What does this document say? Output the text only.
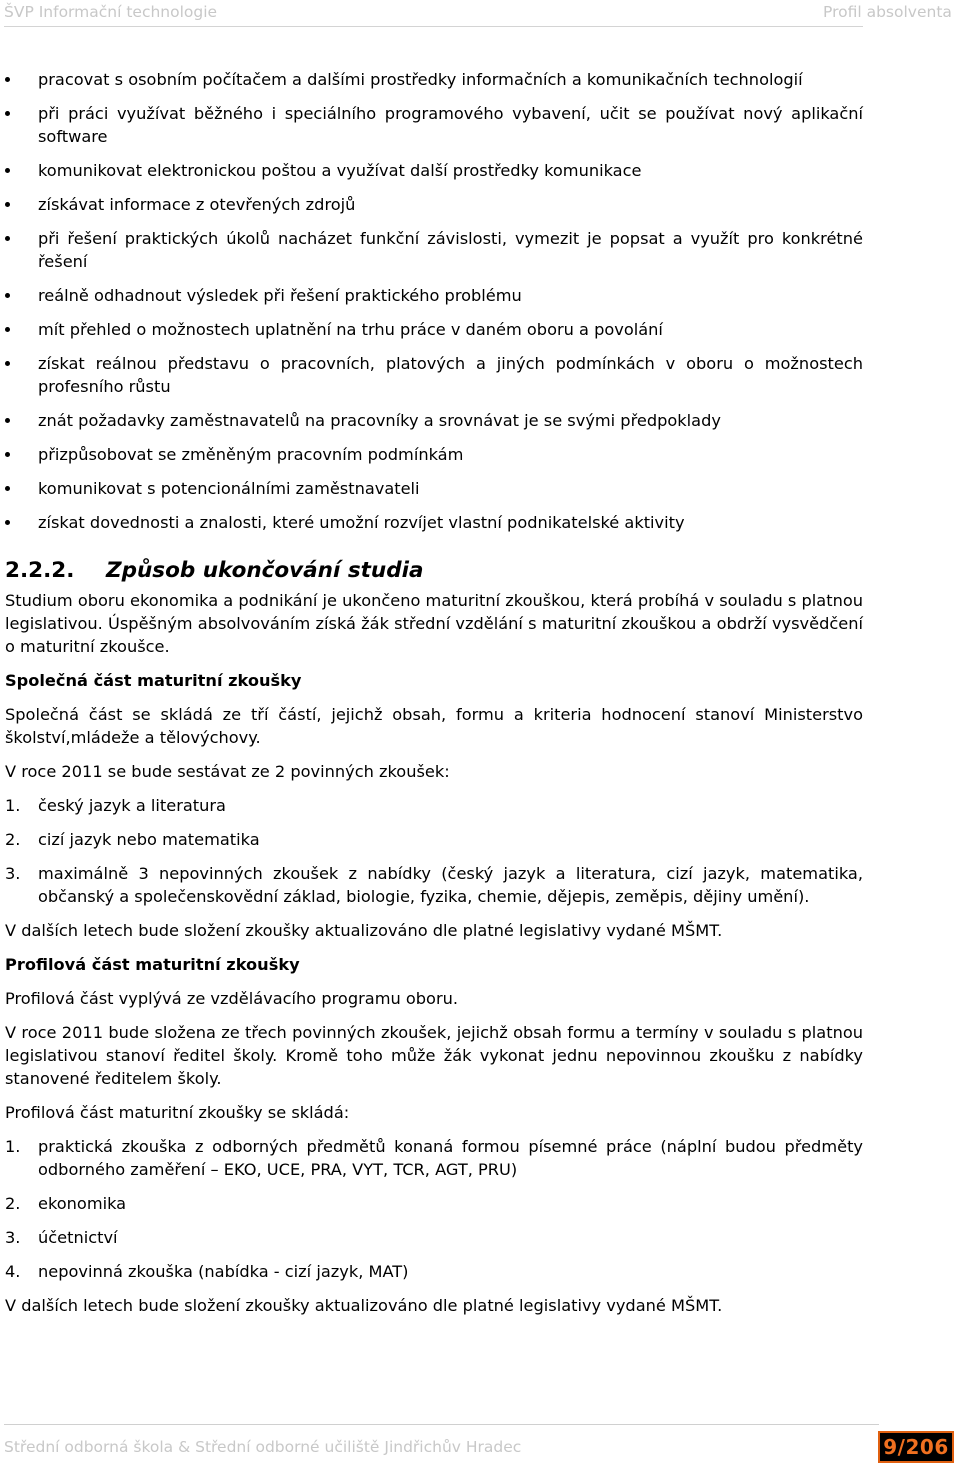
ŠVP Informační technologie	Profil absolventa
pracovat s osobním počítačem a dalšími prostředky informačních a komunikačních technologií
při práci využívat běžného i speciálního programového vybavení, učit se používat nový aplikační software
komunikovat elektronickou poštou a využívat další prostředky komunikace
získávat informace z otevřených zdrojů
při řešení praktických úkolů nacházet funkční závislosti, vymezit je popsat a využít pro konkrétné řešení
reálně odhadnout výsledek při řešení praktického problému
mít přehled o možnostech uplatnění na trhu práce v daném oboru a povolání
získat reálnou představu o pracovních, platových a jiných podmínkách v oboru o možnostech profesního růstu
znát požadavky zaměstnavatelů na pracovníky a srovnávat je se svými předpoklady
přizpůsobovat se změněným pracovním podmínkám
komunikovat s potencionálními zaměstnavateli
získat dovednosti a znalosti, které umožní rozvíjet vlastní podnikatelské aktivity
2.2.2. Způsob ukončování studia

Studium oboru ekonomika a podnikání je ukončeno maturitní zkouškou, která probíhá v souladu s platnou legislativou. Úspěšným absolvováním získá žák střední vzdělání s maturitní zkouškou a obdrží vysvědčení o maturitní zkoušce.

Společná část maturitní zkoušky

Společná část se skládá ze tří částí, jejichž obsah, formu a kriteria hodnocení stanoví Ministerstvo školství,mládeže a tělovýchovy.

V roce 2011 se bude sestávat ze 2 povinných zkoušek:

1. český jazyk a literatura
2. cizí jazyk nebo matematika
3. maximálně 3 nepovinných zkoušek z nabídky (český jazyk a literatura, cizí jazyk, matematika, občanský a společenskovědní základ, biologie, fyzika, chemie, dějepis, zeměpis, dějiny umění).

V dalších letech bude složení zkoušky aktualizováno dle platné legislativy vydané MŠMT.

Profilová část maturitní zkoušky

Profilová část vyplývá ze vzdělávacího programu oboru.

V roce 2011 bude složena ze třech povinných zkoušek, jejichž obsah formu a termíny v souladu s platnou legislativou stanoví ředitel školy. Kromě toho může žák vykonat jednu nepovinnou zkoušku z nabídky stanovené ředitelem školy.

Profilová část maturitní zkoušky se skládá:

1. praktická zkouška z odborných předmětů konaná formou písemné práce (náplní budou předměty odborného zaměření – EKO, UCE, PRA, VYT, TCR, AGT, PRU)
2. ekonomika
3. účetnictví
4. nepovinná zkouška (nabídka - cizí jazyk, MAT)

V dalších letech bude složení zkoušky aktualizováno dle platné legislativy vydané MŠMT.

Střední odborná škola & Střední odborné učiliště Jindřichův Hradec	9/206
